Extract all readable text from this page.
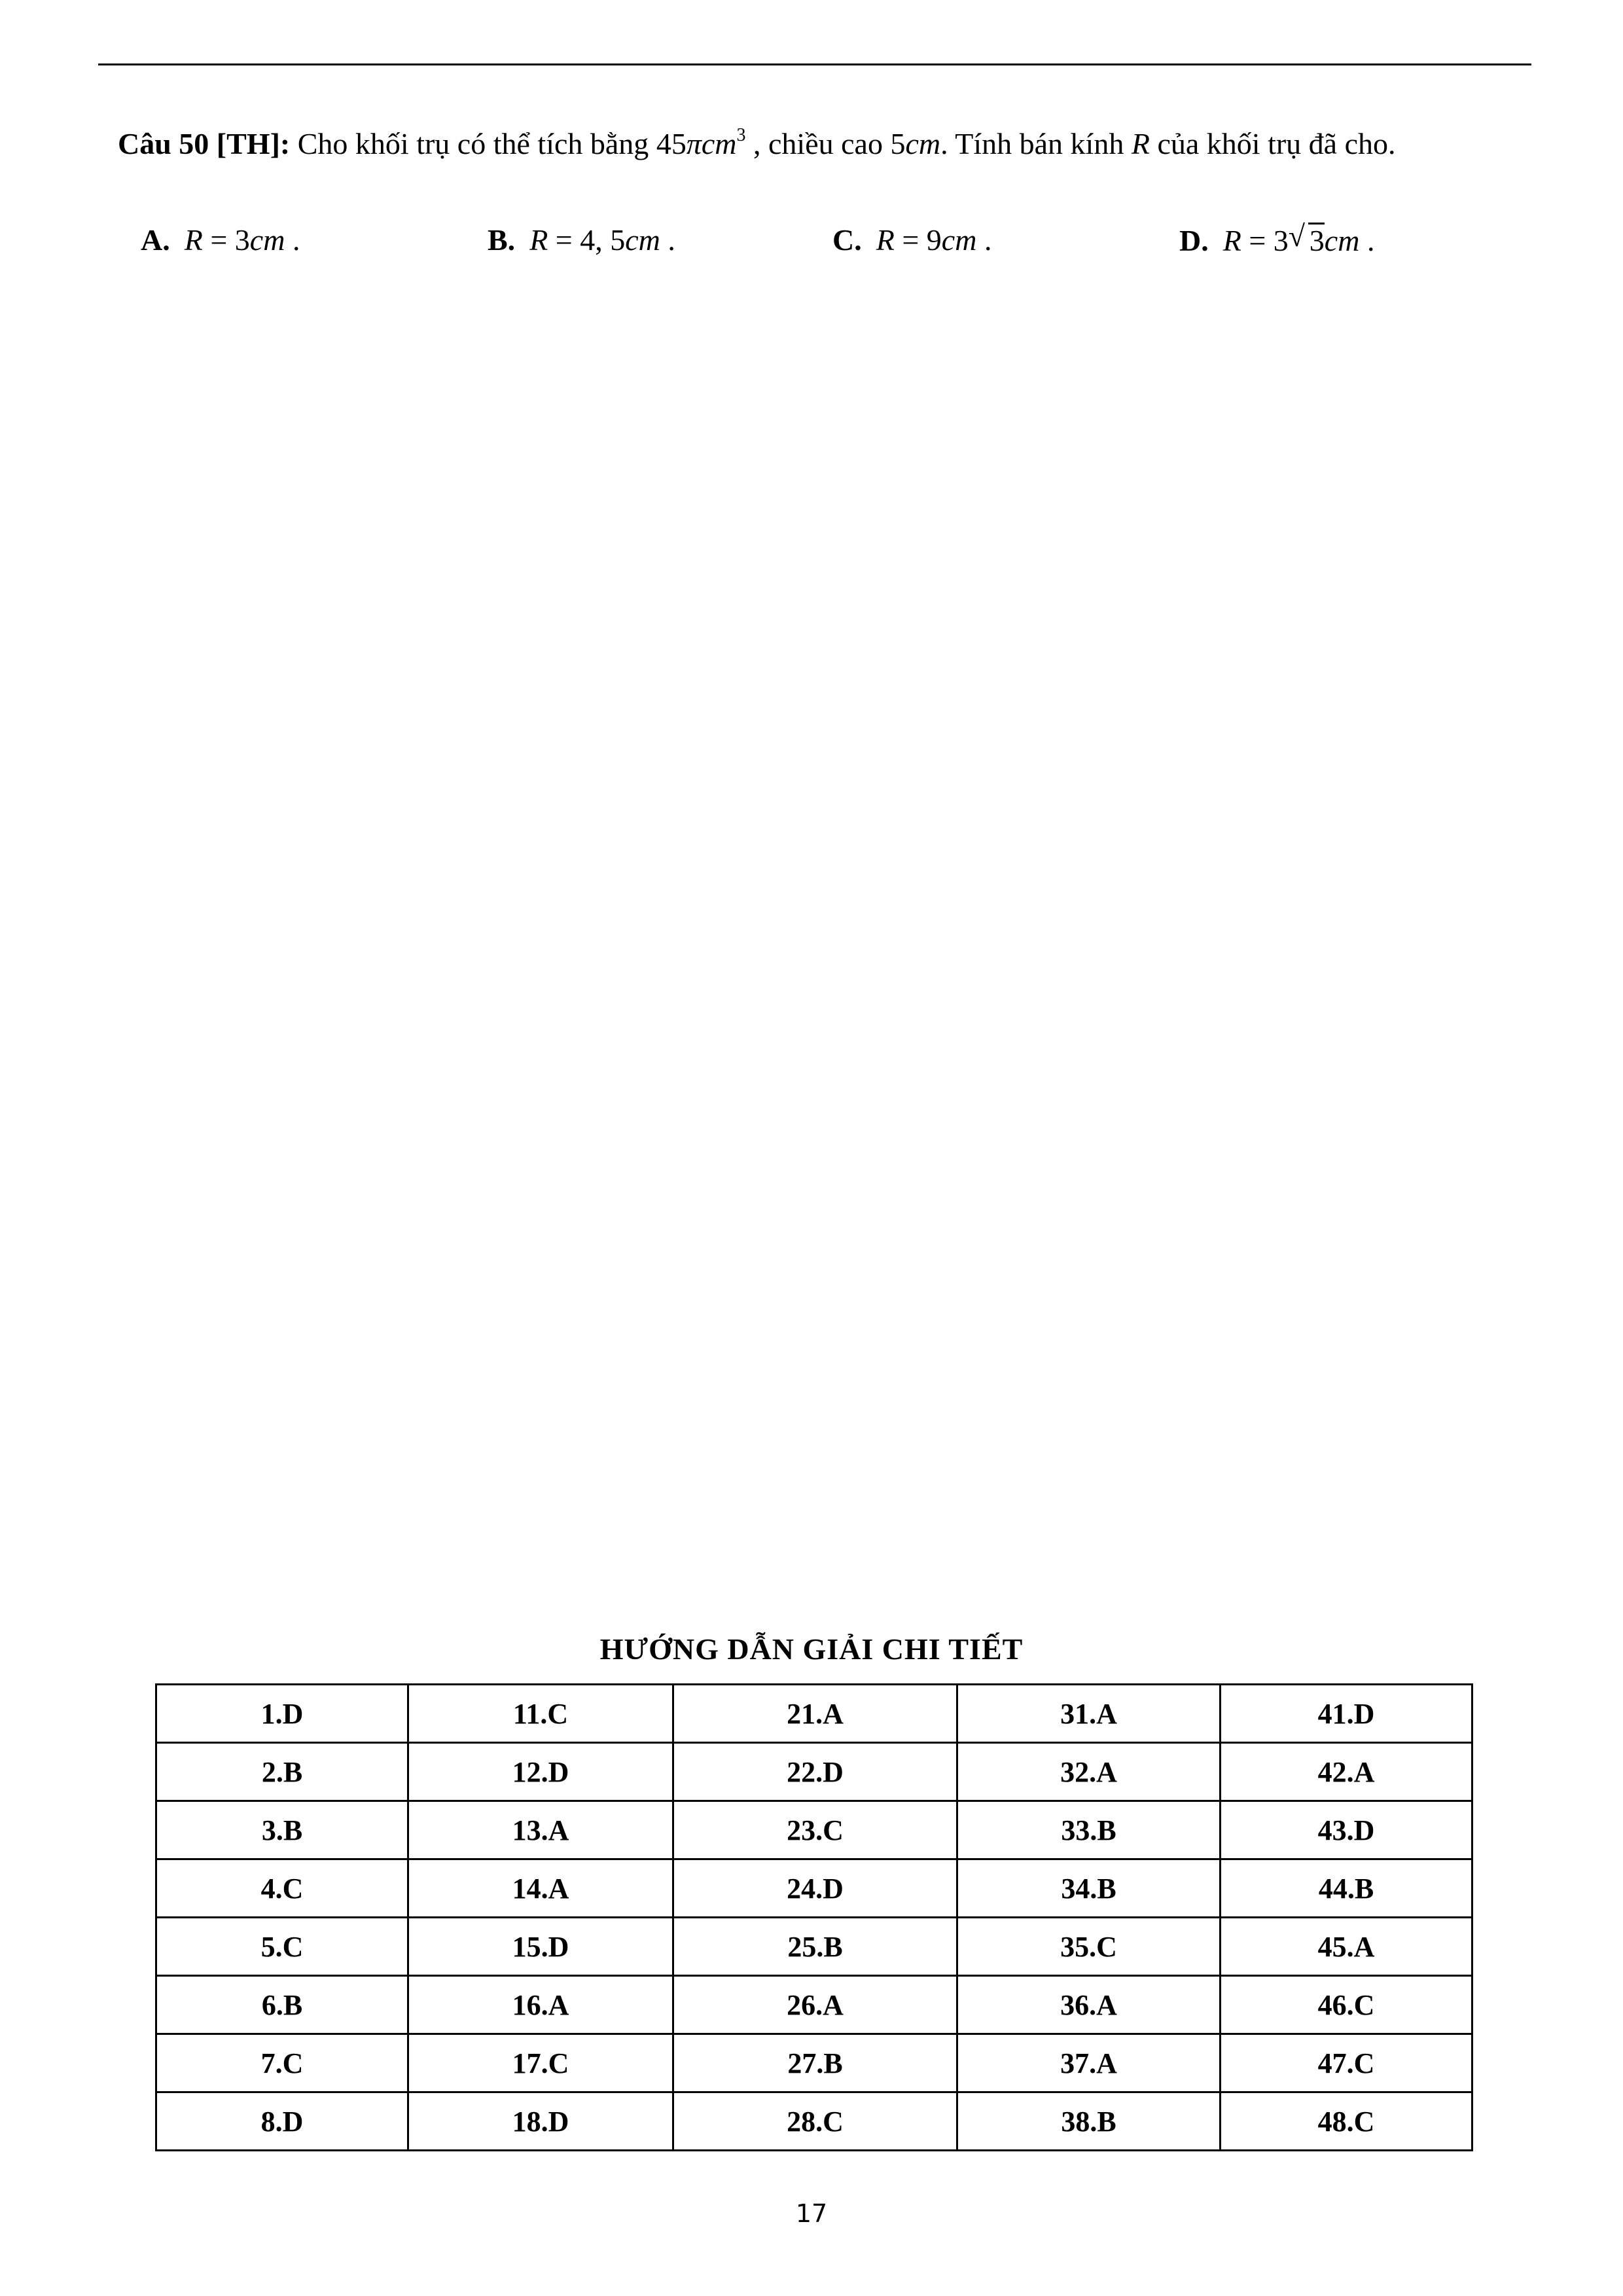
Câu 50 [TH]: Cho khối trụ có thể tích bằng 45πcm$^3$ , chiều cao 5cm. Tính bán kính R của khối trụ đã cho.
A. R = 3cm .	B. R = 4, 5cm .	C. R = 9cm .	D. R = 3 √ 3cm .
HƯỚNG DẪN GIẢI CHI TIẾT
1.D	11.C	21.A	31.A	41.D
2.B	12.D	22.D	32.A	42.A
3.B	13.A	23.C	33.B	43.D
4.C	14.A	24.D	34.B	44.B
5.C	15.D	25.B	35.C	45.A
6.B	16.A	26.A	36.A	46.C
7.C	17.C	27.B	37.A	47.C
8.D	18.D	28.C	38.B	48.C
17
